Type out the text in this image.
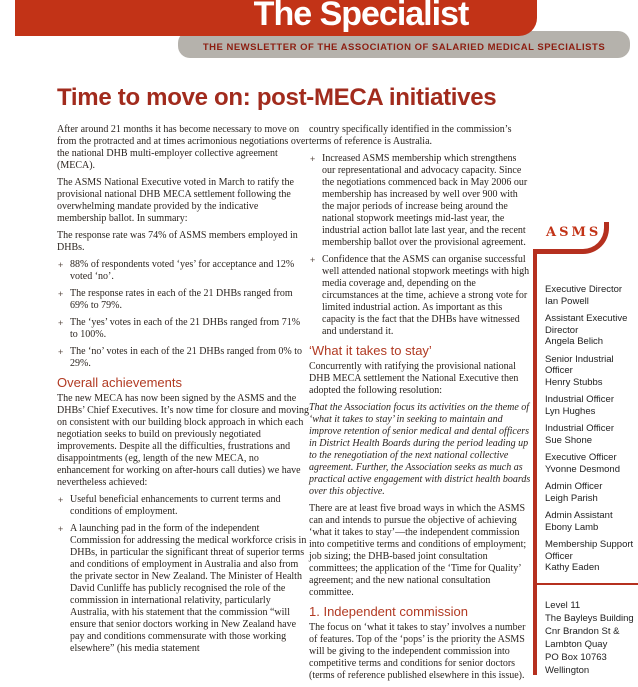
THE NEWSLETTER OF THE ASSOCIATION OF SALARIED MEDICAL SPECIALISTS
The Specialist
Time to move on: post-MECA initiatives
After around 21 months it has become necessary to move on from the protracted and at times acrimonious negotiations over the national DHB multi-employer collective agreement (MECA).
The ASMS National Executive voted in March to ratify the provisional national DHB MECA settlement following the overwhelming mandate provided by the indicative membership ballot. In summary:
The response rate was 74% of ASMS members employed in DHBs.
+ 88% of respondents voted ‘yes’ for acceptance and 12% voted ‘no’.
+ The response rates in each of the 21 DHBs ranged from 69% to 79%.
+ The ‘yes’ votes in each of the 21 DHBs ranged from 71% to 100%.
+ The ‘no’ votes in each of the 21 DHBs ranged from 0% to 29%.
Overall achievements
The new MECA has now been signed by the ASMS and the DHBs’ Chief Executives. It’s now time for closure and moving on consistent with our building block approach in which each negotiation seeks to build on previously negotiated improvements. Despite all the difficulties, frustrations and disappointments (eg, length of the new MECA, no enhancement for working on after-hours call duties) we have nevertheless achieved:
+ Useful beneficial enhancements to current terms and conditions of employment.
+ A launching pad in the form of the independent Commission for addressing the medical workforce crisis in DHBs, in particular the significant threat of superior terms and conditions of employment in Australia and also from the private sector in New Zealand. The Minister of Health David Cunliffe has publicly recognised the role of the commission in international relativity, particularly Australia, with his statement that the commission “will ensure that senior doctors working in New Zealand have pay and conditions commensurate with those working elsewhere” (his media statement
country specifically identified in the commission’s terms of reference is Australia.
+ Increased ASMS membership which strengthens our representational and advocacy capacity. Since the negotiations commenced back in May 2006 our membership has increased by well over 900 with the major periods of increase being around the national stopwork meetings mid-last year, the industrial action ballot late last year, and the recent membership ballot over the provisional agreement.
+ Confidence that the ASMS can organise successful well attended national stopwork meetings with high media coverage and, depending on the circumstances at the time, achieve a strong vote for limited industrial action. As important as this capacity is the fact that the DHBs have witnessed and understand it.
‘What it takes to stay’
Concurrently with ratifying the provisional national DHB MECA settlement the National Executive then adopted the following resolution:
That the Association focus its activities on the theme of ‘what it takes to stay’ in seeking to maintain and improve retention of senior medical and dental officers in District Health Boards during the period leading up to the renegotiation of the next national collective agreement. Further, the Association seeks as much as practical active engagement with district health boards over this objective.
There are at least five broad ways in which the ASMS can and intends to pursue the objective of achieving ‘what it takes to stay’—the independent commission into competitive terms and conditions of employment; job sizing; the DHB-based joint consultation committees; the application of the ‘Time for Quality’ agreement; and the new national consultation committee.
1. Independent commission
The focus on ‘what it takes to stay’ involves a number of features. Top of the ‘pops’ is the priority the ASMS will be giving to the independent commission into competitive terms and conditions for senior doctors (terms of reference published elsewhere in this issue).
ASMS
Executive Director
Ian Powell
Assistant Executive Director
Angela Belich
Senior Industrial Officer
Henry Stubbs
Industrial Officer
Lyn Hughes
Industrial Officer
Sue Shone
Executive Officer
Yvonne Desmond
Admin Officer
Leigh Parish
Admin Assistant
Ebony Lamb
Membership Support Officer
Kathy Eaden
Level 11
The Bayleys Building
Cnr Brandon St &
Lambton Quay
PO Box 10763
Wellington
